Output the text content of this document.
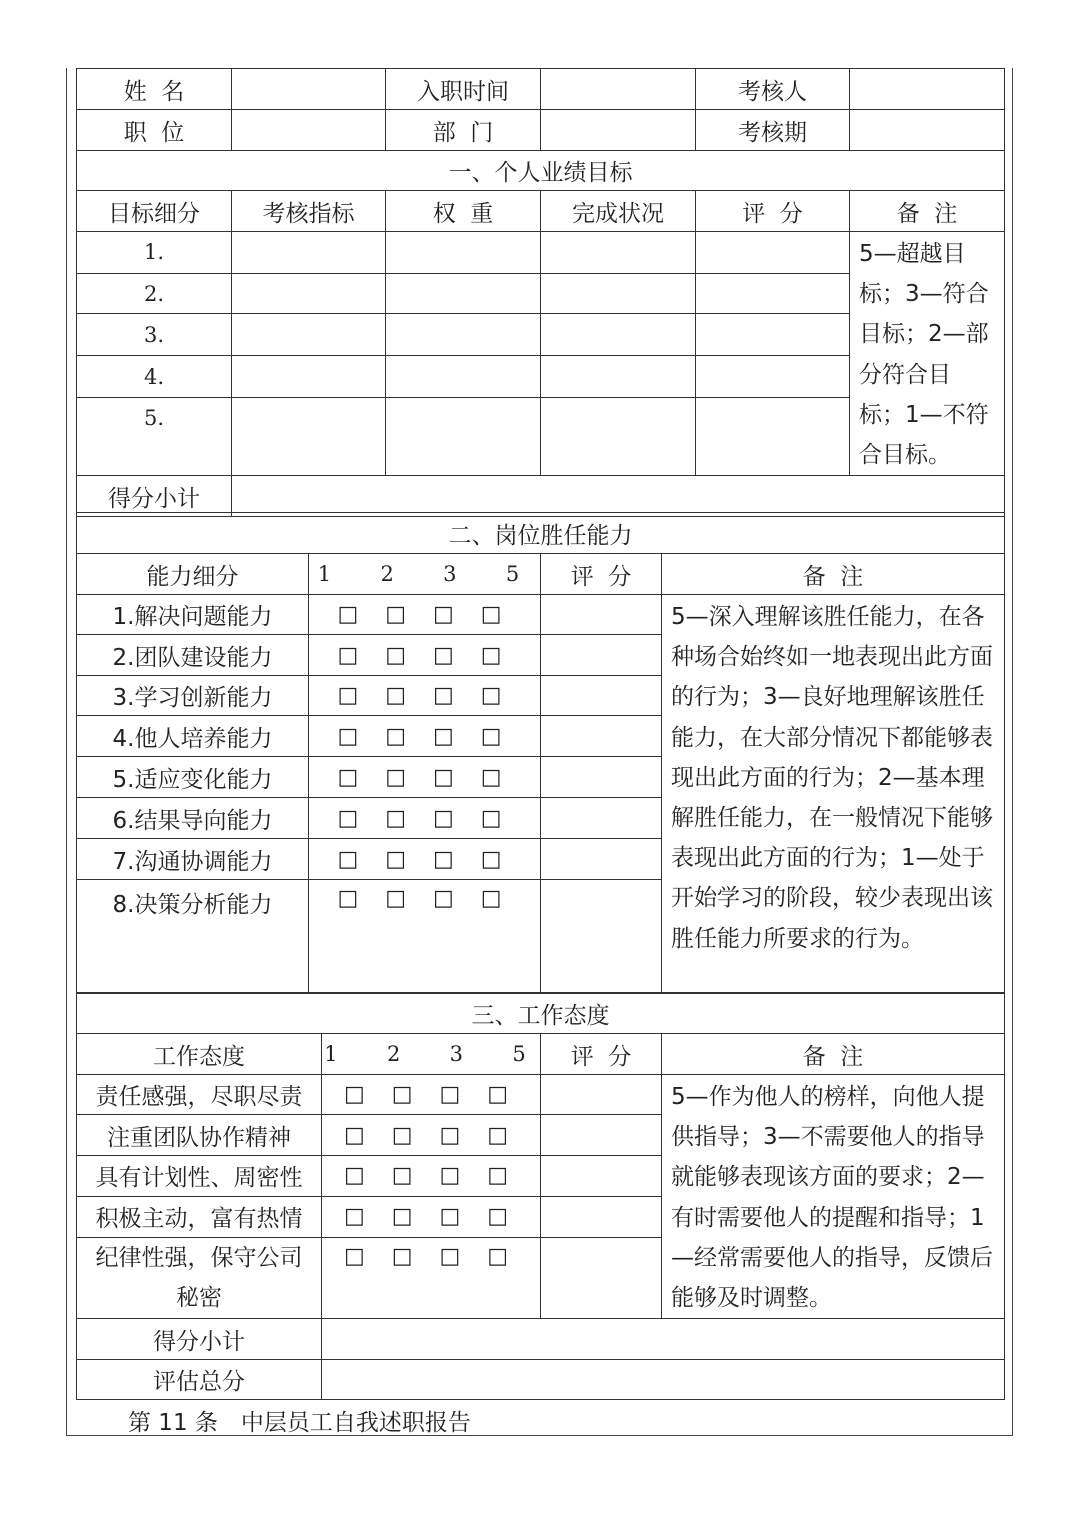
姓  名		入职时间		考核人	
职  位		部  门		考核期	
一、个人业绩目标					
目标细分	考核指标	权  重	完成状况	评  分	备  注
1.					5—超越目标；3—符合目标；2—部分符合目标；1—不符合目标。
2.					
3.					
4.					
5.					
得分小计					
二、岗位胜任能力			
能力细分	1  2  3  5	评  分	备  注
1.解决问题能力	□ □ □ □		5—深入理解该胜任能力，在各种场合始终如一地表现出此方面的行为；3—良好地理解该胜任能力，在大部分情况下都能够表现出此方面的行为；2—基本理解胜任能力，在一般情况下能够表现出此方面的行为；1—处于开始学习的阶段，较少表现出该胜任能力所要求的行为。
2.团队建设能力	□ □ □ □		
3.学习创新能力	□ □ □ □		
4.他人培养能力	□ □ □ □		
5.适应变化能力	□ □ □ □		
6.结果导向能力	□ □ □ □		
7.沟通协调能力	□ □ □ □		
8.决策分析能力	□ □ □ □		
三、工作态度			
工作态度	1  2  3  5	评  分	备  注
责任感强，尽职尽责	□ □ □ □		5—作为他人的榜样，向他人提供指导；3—不需要他人的指导就能够表现该方面的要求；2—有时需要他人的提醒和指导；1—经常需要他人的指导，反馈后能够及时调整。
注重团队协作精神	□ □ □ □		
具有计划性、周密性	□ □ □ □		
积极主动，富有热情	□ □ □ □		
纪律性强，保守公司秘密	□ □ □ □		
得分小计			
评估总分			
第 11 条　中层员工自我述职报告
